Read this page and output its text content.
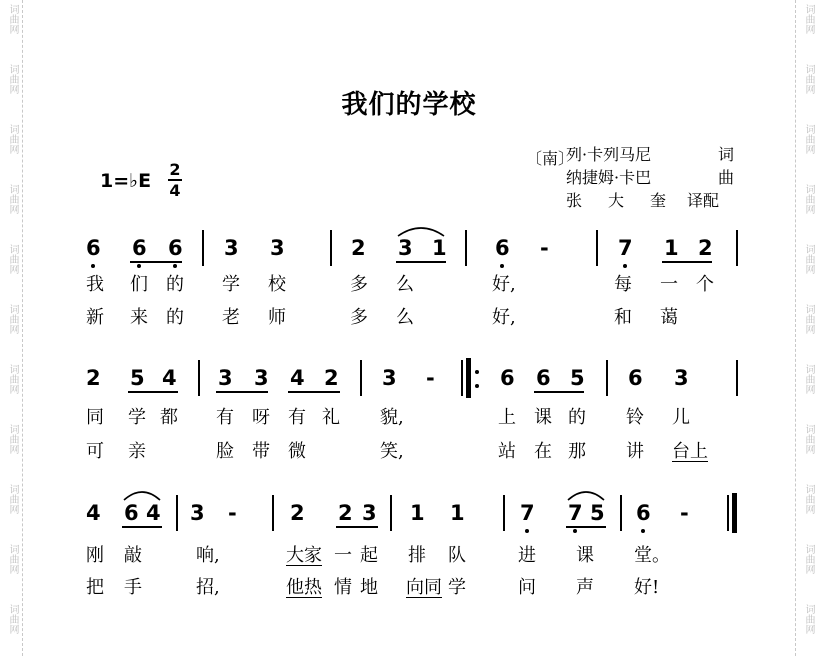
词曲网	词曲网
词曲网	词曲网
词曲网	词曲网
词曲网	词曲网
词曲网	词曲网
词曲网	词曲网
词曲网	词曲网
词曲网	词曲网
词曲网	词曲网
词曲网	词曲网
词曲网	词曲网
我们的学校
〔南〕
列·卡列马尼	词
纳捷姆·卡巴	曲
张大奎
译配
1=♭E
2
4
6 6 6 3 3	2 3 1 6 -	7 1 2
我 们 的 学 校	多 么	好,	每 一 个
新 来 的 老 师	多 么	好,	和 蔼
2 5 4 3 3 4 2 3 -	6 6 5 6 3
同 学 都 有 呀 有 礼 貌,	上 课 的 铃 儿
可 亲	脸 带 微	笑,	站 在 那 讲 台上
4 6 4 3 -	2 2 3 1 1	7 7 5 6 -
刚 敲	响,	大家 一 起 排 队	进 课 堂。
把 手	招,	他热 情 地 向同 学	问 声 好!
